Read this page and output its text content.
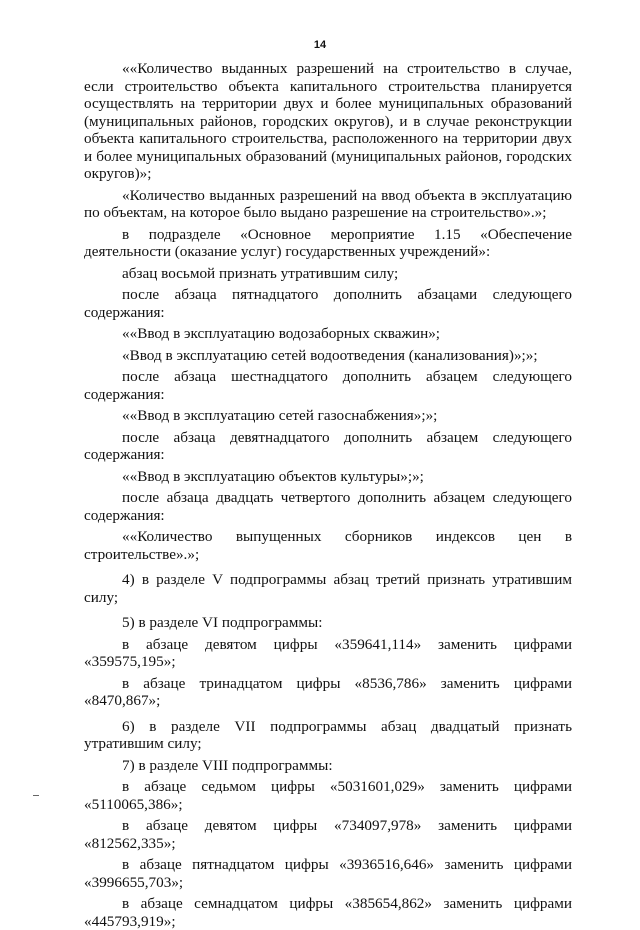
14

««Количество выданных разрешений на строительство в случае, если строительство объекта капитального строительства планируется осуществлять на территории двух и более муниципальных образований (муниципальных районов, городских округов), и в случае реконструкции объекта капитального строительства, расположенного на территории двух и более муниципальных образований (муниципальных районов, городских округов)»;

«Количество выданных разрешений на ввод объекта в эксплуатацию по объектам, на которое было выдано разрешение на строительство».»;

в подразделе «Основное мероприятие 1.15 «Обеспечение деятельности (оказание услуг) государственных учреждений»:

абзац восьмой признать утратившим силу;

после абзаца пятнадцатого дополнить абзацами следующего содержания:

««Ввод в эксплуатацию водозаборных скважин»;

«Ввод в эксплуатацию сетей водоотведения (канализования)»;»;

после абзаца шестнадцатого дополнить абзацем следующего содержания:

««Ввод в эксплуатацию сетей газоснабжения»;»;

после абзаца девятнадцатого дополнить абзацем следующего содержания:

««Ввод в эксплуатацию объектов культуры»;»;

после абзаца двадцать четвертого дополнить абзацем следующего содержания:

««Количество выпущенных сборников индексов цен в строительстве».»;

4) в разделе V подпрограммы абзац третий признать утратившим силу;

5) в разделе VI подпрограммы:

в абзаце девятом цифры «359641,114» заменить цифрами «359575,195»;

в абзаце тринадцатом цифры «8536,786» заменить цифрами «8470,867»;

6) в разделе VII подпрограммы абзац двадцатый признать утратившим силу;

7) в разделе VIII подпрограммы:

в абзаце седьмом цифры «5031601,029» заменить цифрами «5110065,386»;

в абзаце девятом цифры «734097,978» заменить цифрами «812562,335»;

в абзаце пятнадцатом цифры «3936516,646» заменить цифрами «3996655,703»;

в абзаце семнадцатом цифры «385654,862» заменить цифрами «445793,919»;
